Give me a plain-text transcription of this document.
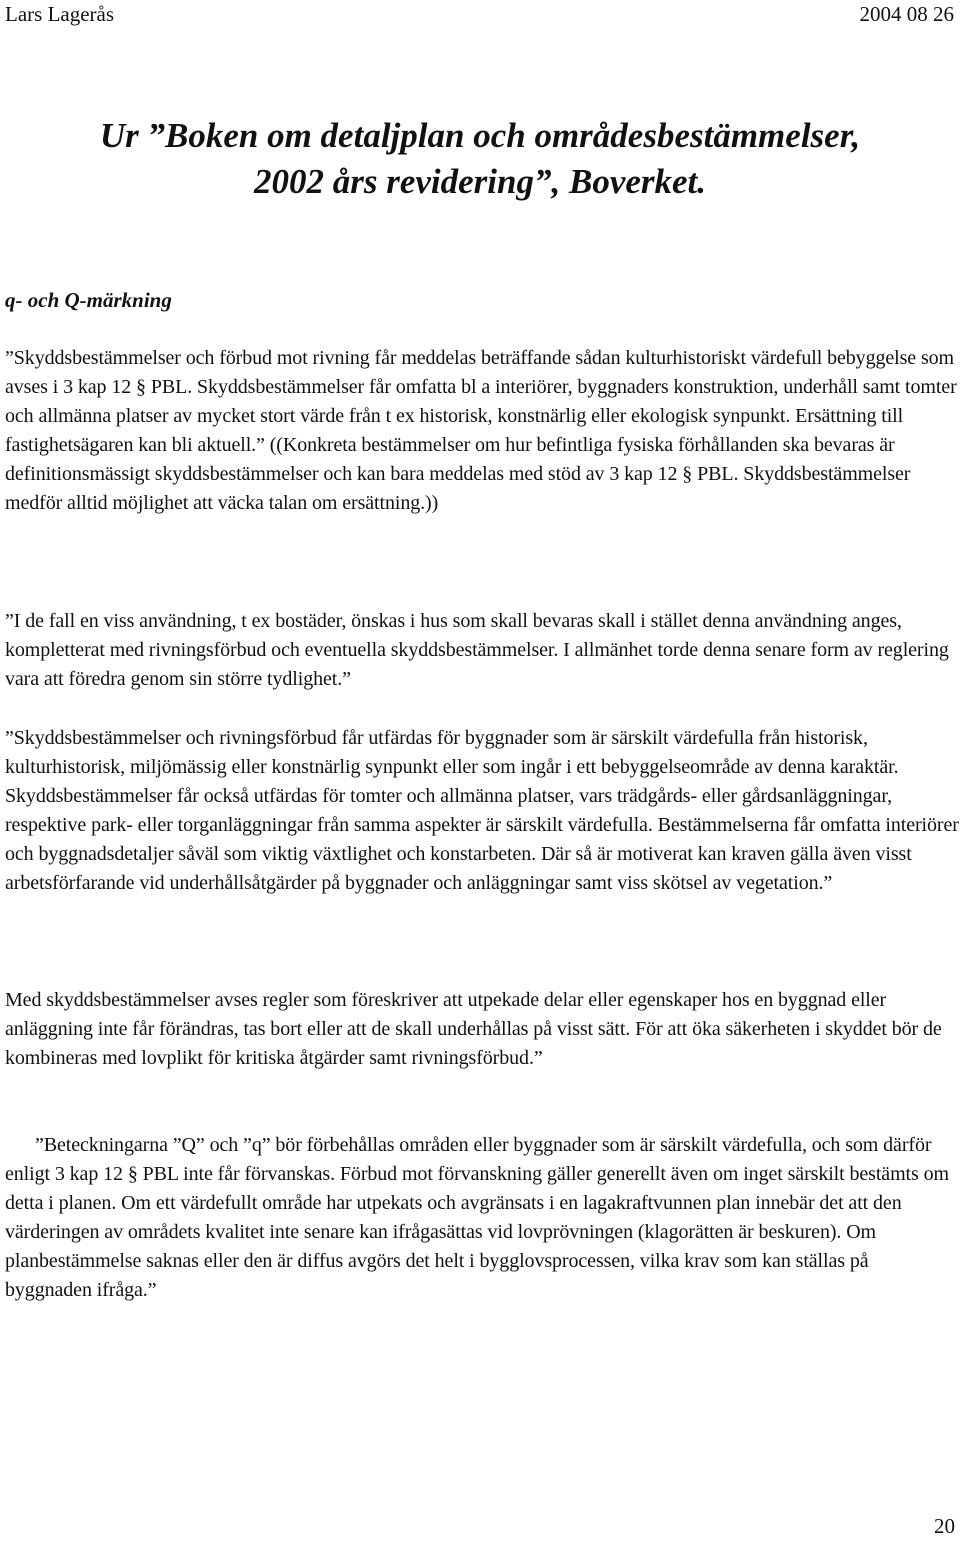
Lars Lagerås	2004 08 26
Ur ”Boken om detaljplan och områdesbestämmelser,
2002 års revidering”, Boverket.
q- och Q-märkning
”Skyddsbestämmelser och förbud mot rivning får meddelas beträffande sådan kulturhistoriskt värdefull bebyggelse som avses i 3 kap 12 § PBL. Skyddsbestämmelser får omfatta bl a interiörer, byggnaders konstruktion, underhåll samt tomter och allmänna platser av mycket stort värde från t ex historisk, konstnärlig eller ekologisk synpunkt. Ersättning till fastighetsägaren kan bli aktuell.” ((Konkreta bestämmelser om hur befintliga fysiska förhållanden ska bevaras är definitionsmässigt skyddsbestämmelser och kan bara meddelas med stöd av 3 kap 12 § PBL. Skyddsbestämmelser medför alltid möjlighet att väcka talan om ersättning.))
”I de fall en viss användning, t ex bostäder, önskas i hus som skall bevaras skall i stället denna användning anges, kompletterat med rivningsförbud och eventuella skyddsbestämmelser. I allmänhet torde denna senare form av reglering vara att föredra genom sin större tydlighet.”
”Skyddsbestämmelser och rivningsförbud får utfärdas för byggnader som är särskilt värdefulla från historisk, kulturhistorisk, miljömässig eller konstnärlig synpunkt eller som ingår i ett bebyggelseområde av denna karaktär. Skyddsbestämmelser får också utfärdas för tomter och allmänna platser, vars trädgårds- eller gårdsanläggningar, respektive park- eller torganläggningar från samma aspekter är särskilt värdefulla. Bestämmelserna får omfatta interiörer och byggnadsdetaljer såväl som viktig växtlighet och konstarbeten. Där så är motiverat kan kraven gälla även visst arbetsförfarande vid underhållsåtgärder på byggnader och anläggningar samt viss skötsel av vegetation.”
Med skyddsbestämmelser avses regler som föreskriver att utpekade delar eller egenskaper hos en byggnad eller anläggning inte får förändras, tas bort eller att de skall underhållas på visst sätt. För att öka säkerheten i skyddet bör de kombineras med lovplikt för kritiska åtgärder samt rivningsförbud.”
”Beteckningarna ”Q” och ”q” bör förbehållas områden eller byggnader som är särskilt värdefulla, och som därför enligt 3 kap 12 § PBL inte får förvanskas. Förbud mot förvanskning gäller generellt även om inget särskilt bestämts om detta i planen. Om ett värdefullt område har utpekats och avgränsats i en lagakraftvunnen plan innebär det att den värderingen av områdets kvalitet inte senare kan ifrågasättas vid lovprövningen (klagorätten är beskuren). Om planbestämmelse saknas eller den är diffus avgörs det helt i bygglovsprocessen, vilka krav som kan ställas på byggnaden ifråga.”
20
